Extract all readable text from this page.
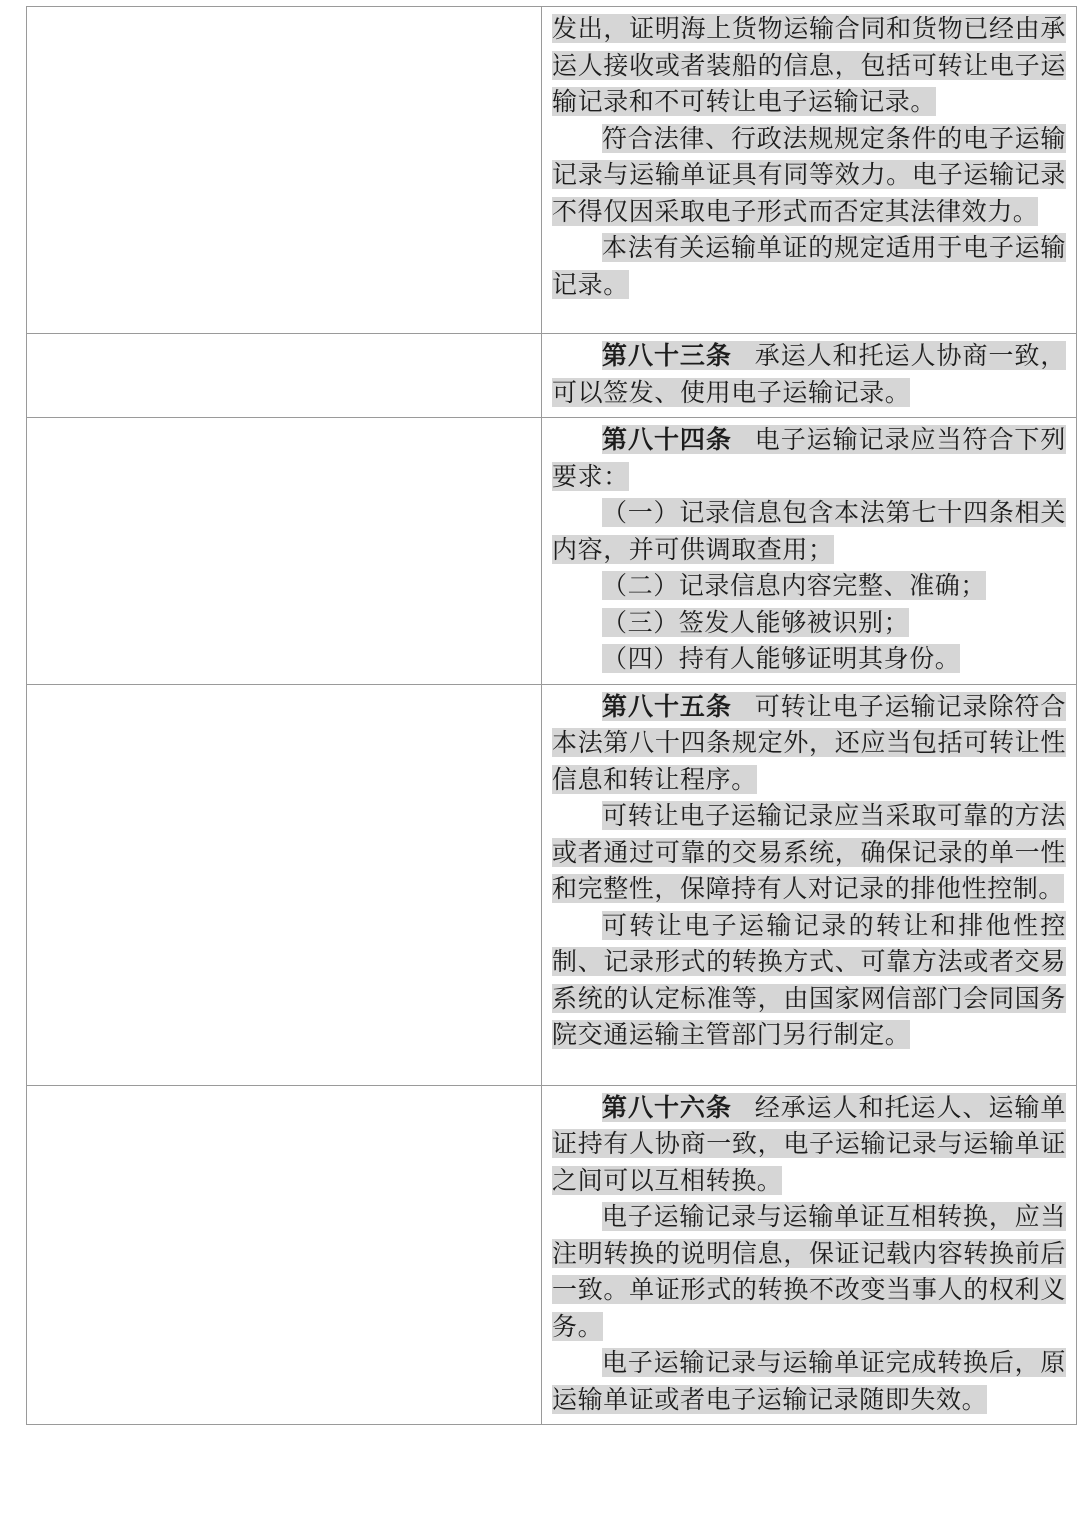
	发出，证明海上货物运输合同和货物已经由承运人接收或者装船的信息，包括可转让电子运输记录和不可转让电子运输记录。

符合法律、行政法规规定条件的电子运输记录与运输单证具有同等效力。电子运输记录不得仅因采取电子形式而否定其法律效力。

本法有关运输单证的规定适用于电子运输记录。

	第八十三条 承运人和托运人协商一致，可以签发、使用电子运输记录。

	第八十四条 电子运输记录应当符合下列要求：

（一）记录信息包含本法第七十四条相关内容，并可供调取查用；

（二）记录信息内容完整、准确；

（三）签发人能够被识别；

（四）持有人能够证明其身份。

	第八十五条 可转让电子运输记录除符合本法第八十四条规定外，还应当包括可转让性信息和转让程序。

可转让电子运输记录应当采取可靠的方法或者通过可靠的交易系统，确保记录的单一性和完整性，保障持有人对记录的排他性控制。

可转让电子运输记录的转让和排他性控制、记录形式的转换方式、可靠方法或者交易系统的认定标准等，由国家网信部门会同国务院交通运输主管部门另行制定。

	第八十六条 经承运人和托运人、运输单证持有人协商一致，电子运输记录与运输单证之间可以互相转换。

电子运输记录与运输单证互相转换，应当注明转换的说明信息，保证记载内容转换前后一致。单证形式的转换不改变当事人的权利义务。

电子运输记录与运输单证完成转换后，原运输单证或者电子运输记录随即失效。
